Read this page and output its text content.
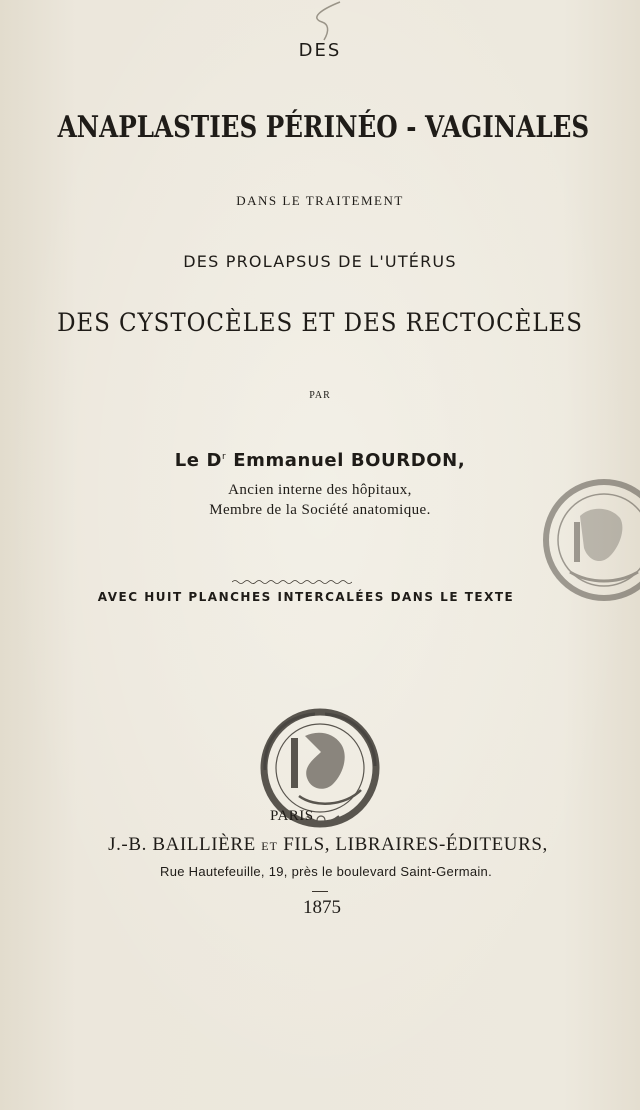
DES
ANAPLASTIES PÉRINÉO - VAGINALES
DANS LE TRAITEMENT
DES PROLAPSUS DE L'UTÉRUS
DES CYSTOCÈLES ET DES RECTOCÈLES
PAR
Le $D^r$ Emmanuel BOURDON,
Ancien interne des hôpitaux,
Membre de la Société anatomique.
AVEC HUIT PLANCHES INTERCALÉES DANS LE TEXTE
PARIS
J.-B. BAILLIÈRE ET FILS, LIBRAIRES-ÉDITEURS,
Rue Hautefeuille, 19, près le boulevard Saint-Germain.
1875
